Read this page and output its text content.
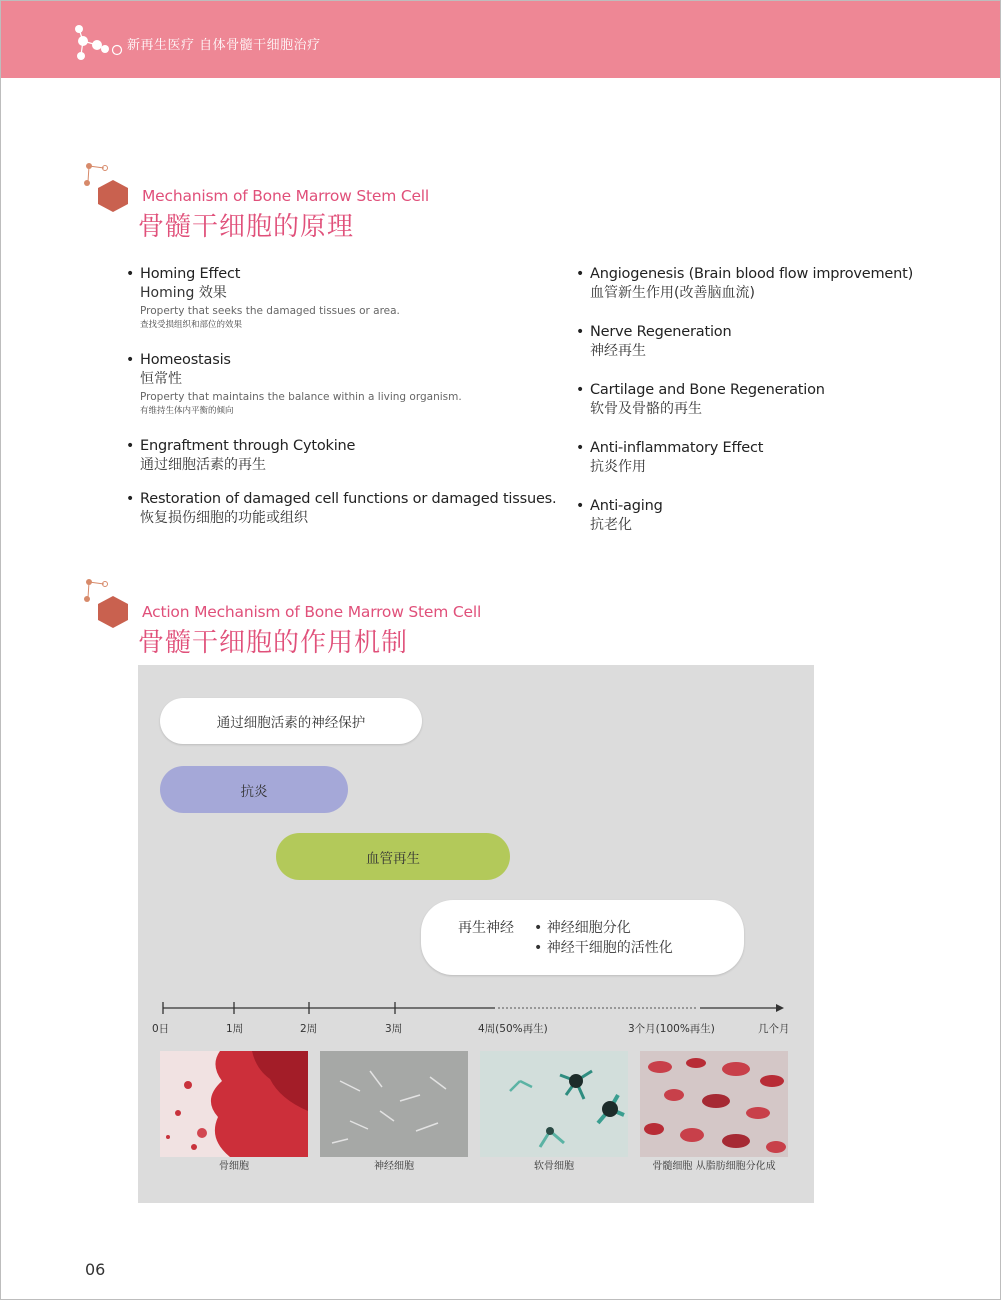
新再生医疗 自体骨髓干细胞治疗
Mechanism of Bone Marrow Stem Cell
骨髓干细胞的原理
• Homing Effect
Homing 效果
Property that seeks the damaged tissues or area.
查找受损组织和部位的效果
• Homeostasis
恒常性
Property that maintains the balance within a living organism.
有维持生体内平衡的倾向
• Engraftment through Cytokine
通过细胞活素的再生
• Restoration of damaged cell functions or damaged tissues.
恢复损伤细胞的功能或组织
• Angiogenesis (Brain blood flow improvement)
血管新生作用(改善脑血流)
• Nerve Regeneration
神经再生
• Cartilage and Bone Regeneration
软骨及骨骼的再生
• Anti-inflammatory Effect
抗炎作用
• Anti-aging
抗老化
Action Mechanism of Bone Marrow Stem Cell
骨髓干细胞的作用机制
通过细胞活素的神经保护
抗炎
血管再生
再生神经 • 神经细胞分化
• 神经干细胞的活性化
0日	1周	2周	3周	4周(50%再生)	3个月(100%再生)	几个月
骨细胞	神经细胞	软骨细胞	骨髓细胞 从脂肪细胞分化成
06
